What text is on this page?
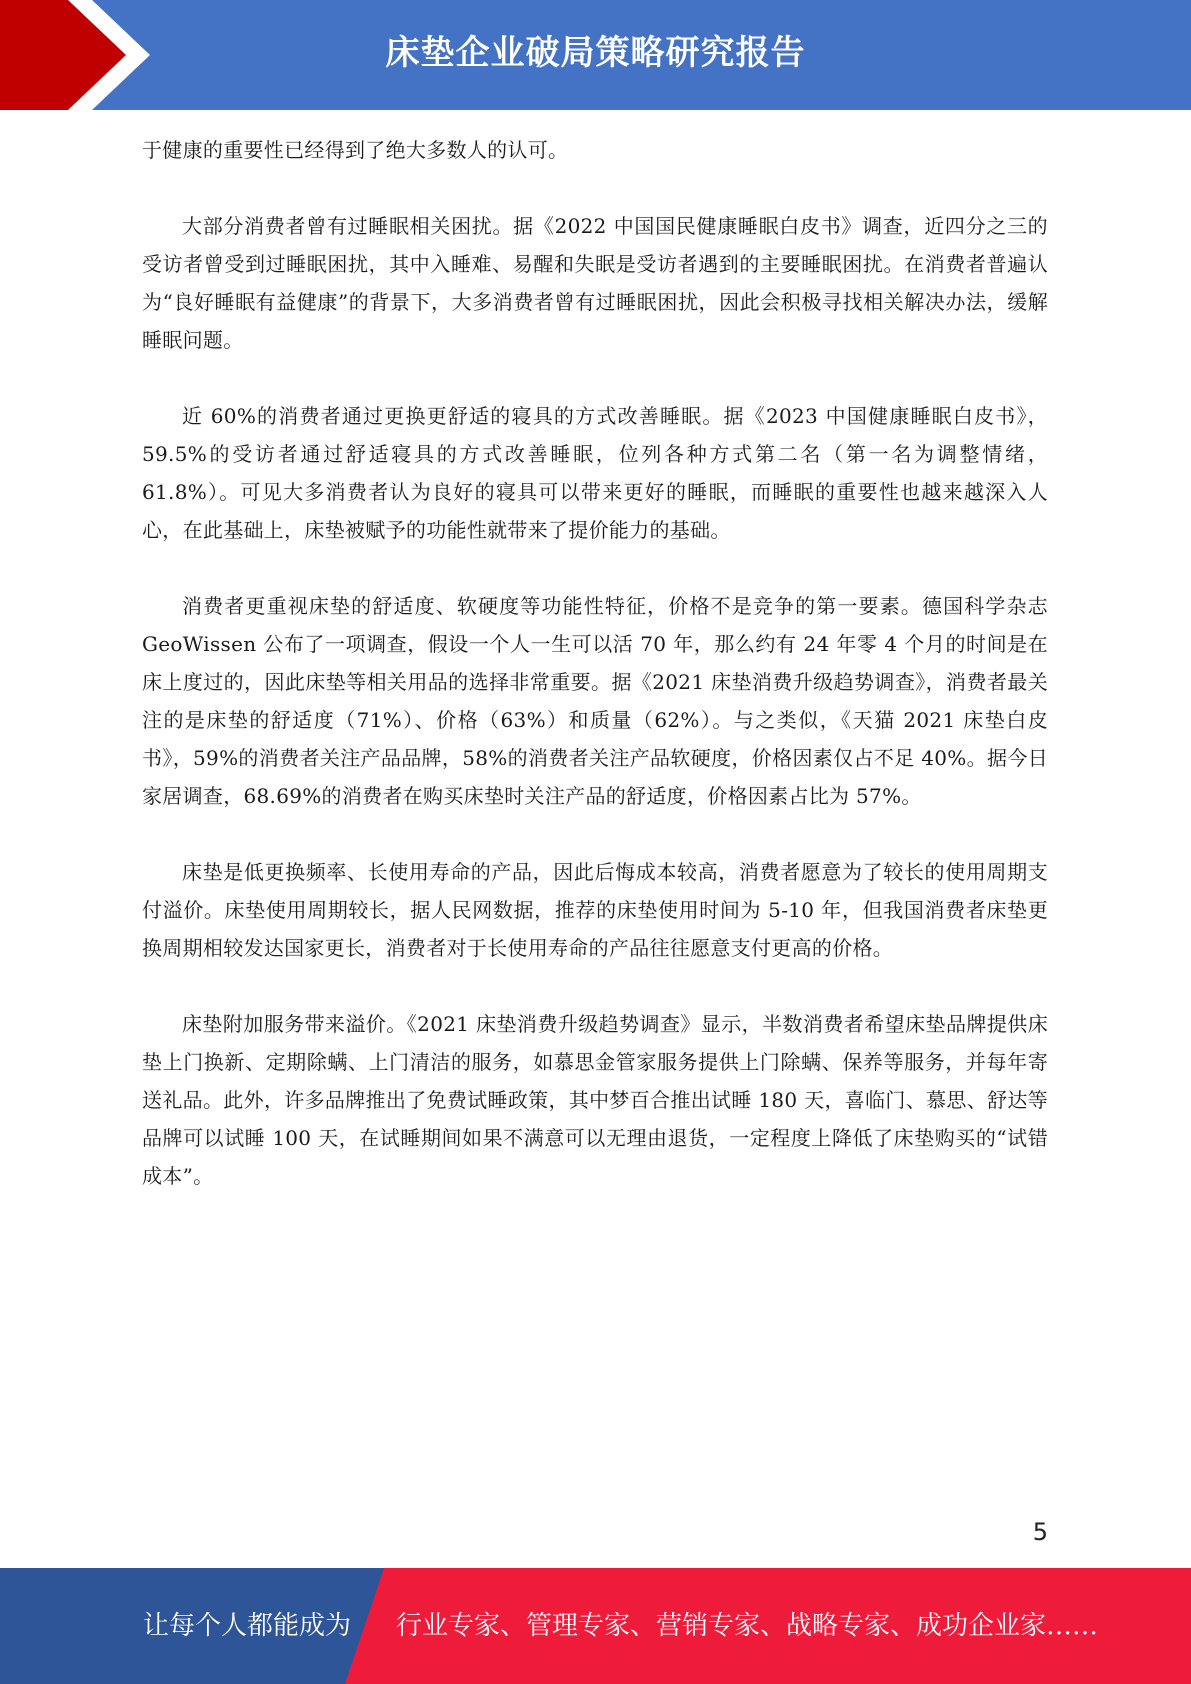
床垫企业破局策略研究报告

于健康的重要性已经得到了绝大多数人的认可。

大部分消费者曾有过睡眠相关困扰。据《2022 中国国民健康睡眠白皮书》调查，近四分之三的受访者曾受到过睡眠困扰，其中入睡难、易醒和失眠是受访者遇到的主要睡眠困扰。在消费者普遍认为“良好睡眠有益健康”的背景下，大多消费者曾有过睡眠困扰，因此会积极寻找相关解决办法，缓解睡眠问题。

近 60%的消费者通过更换更舒适的寝具的方式改善睡眠。据《2023 中国健康睡眠白皮书》，59.5%的受访者通过舒适寝具的方式改善睡眠，位列各种方式第二名（第一名为调整情绪，61.8%）。可见大多消费者认为良好的寝具可以带来更好的睡眠，而睡眠的重要性也越来越深入人心，在此基础上，床垫被赋予的功能性就带来了提价能力的基础。

消费者更重视床垫的舒适度、软硬度等功能性特征，价格不是竞争的第一要素。德国科学杂志 GeoWissen 公布了一项调查，假设一个人一生可以活 70 年，那么约有 24 年零 4 个月的时间是在床上度过的，因此床垫等相关用品的选择非常重要。据《2021 床垫消费升级趋势调查》，消费者最关注的是床垫的舒适度（71%）、价格（63%）和质量（62%）。与之类似，《天猫 2021 床垫白皮书》，59%的消费者关注产品品牌，58%的消费者关注产品软硬度，价格因素仅占不足 40%。据今日家居调查，68.69%的消费者在购买床垫时关注产品的舒适度，价格因素占比为 57%。

床垫是低更换频率、长使用寿命的产品，因此后悔成本较高，消费者愿意为了较长的使用周期支付溢价。床垫使用周期较长，据人民网数据，推荐的床垫使用时间为 5-10 年，但我国消费者床垫更换周期相较发达国家更长，消费者对于长使用寿命的产品往往愿意支付更高的价格。

床垫附加服务带来溢价。《2021 床垫消费升级趋势调查》显示，半数消费者希望床垫品牌提供床垫上门换新、定期除螨、上门清洁的服务，如慕思金管家服务提供上门除螨、保养等服务，并每年寄送礼品。此外，许多品牌推出了免费试睡政策，其中梦百合推出试睡 180 天，喜临门、慕思、舒达等品牌可以试睡 100 天，在试睡期间如果不满意可以无理由退货，一定程度上降低了床垫购买的“试错成本”。

5
让每个人都能成为 行业专家、管理专家、营销专家、战略专家、成功企业家……
